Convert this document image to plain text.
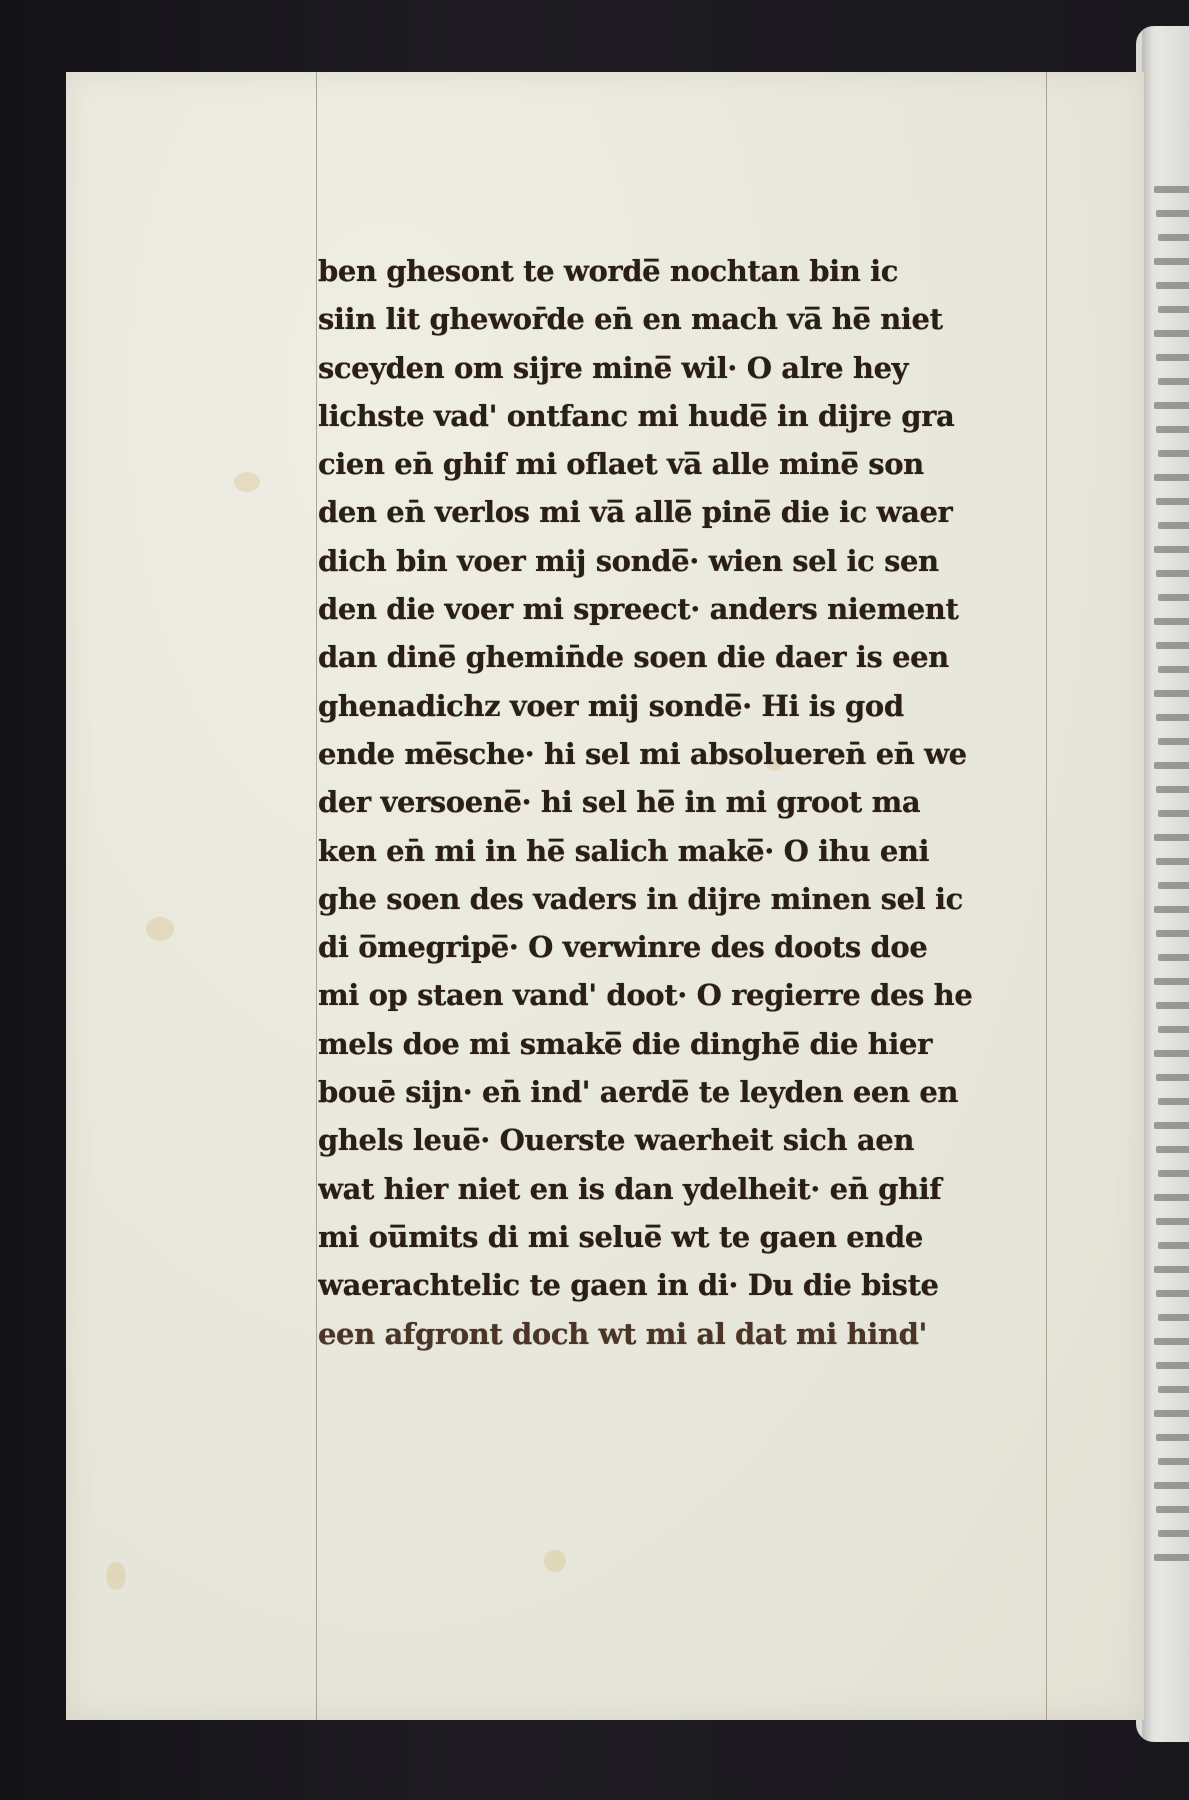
ben ghesont te worde̅ nochtan bin ic
siin lit ghewor̄de en̄ en mach va̅ he̅ niet
sceyden om sijre mine̅ wil· O alre hey
lichste vad' ontfanc mi hude̅ in dijre gra
cien en̄ ghif mi oflaet va̅ alle mine̅ son
den en̄ verlos mi va̅ alle̅ pine̅ die ic waer
dich bin voer mij sonde̅· wien sel ic sen
den die voer mi spreect· anders niement
dan dine̅ ghemin̄de soen die daer is een
ghenadichz voer mij sonde̅· Hi is god
ende me̅sche· hi sel mi absolueren̄ en̄ we
der versoene̅· hi sel he̅ in mi groot ma
ken en̄ mi in he̅ salich make̅· O ihu eni
ghe soen des vaders in dijre minen sel ic
di o̅megripe̅· O verwinre des doots doe
mi op staen vand' doot· O regierre des he
mels doe mi smake̅ die dinghe̅ die hier
bouē sijn· en̄ ind' aerde̅ te leyden een en
ghels leue̅· Ouerste waerheit sich aen
wat hier niet en is dan ydelheit· en̄ ghif
mi ou̅mits di mi selue̅ wt te gaen ende
waerachtelic te gaen in di· Du die biste
een afgront doch wt mi al dat mi hind'
